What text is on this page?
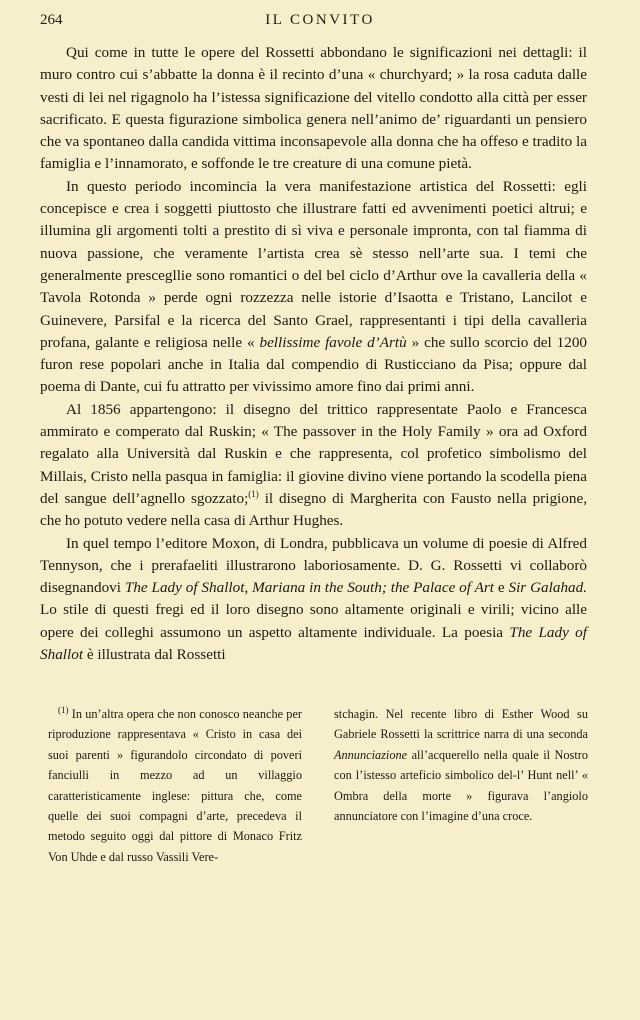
264	IL CONVITO

Qui come in tutte le opere del Rossetti abbondano le significazioni nei dettagli: il muro contro cui s’abbatte la donna è il recinto d’una « churchyard; » la rosa caduta dalle vesti di lei nel rigagnolo ha l’istessa significazione del vitello condotto alla città per esser sacrificato. E questa figurazione simbolica genera nell’animo de’ riguardanti un pensiero che va spontaneo dalla candida vittima inconsapevole alla donna che ha offeso e tradito la famiglia e l’innamorato, e soffonde le tre creature di una comune pietà.

In questo periodo incomincia la vera manifestazione artistica del Rossetti: egli concepisce e crea i soggetti piuttosto che illustrare fatti ed avvenimenti poetici altrui; e illumina gli argomenti tolti a prestito di sì viva e personale impronta, con tal fiamma di nuova passione, che veramente l’artista crea sè stesso nell’arte sua. I temi che generalmente prescegllie sono romantici o del bel ciclo d’Arthur ove la cavalleria della « Tavola Rotonda » perde ogni rozzezza nelle istorie d’Isaotta e Tristano, Lancilot e Guinevere, Parsifal e la ricerca del Santo Grael, rappresentanti i tipi della cavalleria profana, galante e religiosa nelle « bellissime favole d’Artù » che sullo scorcio del 1200 furon rese popolari anche in Italia dal compendio di Rusticciano da Pisa; oppure dal poema di Dante, cui fu attratto per vivissimo amore fino dai primi anni.

Al 1856 appartengono: il disegno del trittico rappresentate Paolo e Francesca ammirato e comperato dal Ruskin; « The passover in the Holy Family » ora ad Oxford regalato alla Università dal Ruskin e che rappresenta, col profetico simbolismo del Millais, Cristo nella pasqua in famiglia: il giovine divino viene portando la scodella piena del sangue dell’agnello sgozzato;$^{(1)}$ il disegno di Margherita con Fausto nella prigione, che ho potuto vedere nella casa di Arthur Hughes.

In quel tempo l’editore Moxon, di Londra, pubblicava un volume di poesie di Alfred Tennyson, che i prerafaeliti illustrarono laboriosamente. D. G. Rossetti vi collaborò disegnandovi The Lady of Shallot, Mariana in the South; the Palace of Art e Sir Galahad. Lo stile di questi fregi ed il loro disegno sono altamente originali e virili; vicino alle opere dei colleghi assumono un aspetto altamente individuale. La poesia The Lady of Shallot è illustrata dal Rossetti

$^{(1)}$ In un’altra opera che non conosco neanche per riproduzione rappresentava « Cristo in casa dei suoi parenti » figurandolo circondato di poveri fanciulli in mezzo ad un villaggio caratteristicamente inglese: pittura che, come quelle dei suoi compagni d’arte, precedeva il metodo seguito oggi dal pittore di Monaco Fritz Von Uhde e dal russo Vassili Vere-

stchagin. Nel recente libro di Esther Wood su Gabriele Rossetti la scrittrice narra di una seconda Annunciazione all’acquerello nella quale il Nostro con l’istesso arteficio simbolico del-l’ Hunt nell’ « Ombra della morte » figurava l’angiolo annunciatore con l’imagine d’una croce.
